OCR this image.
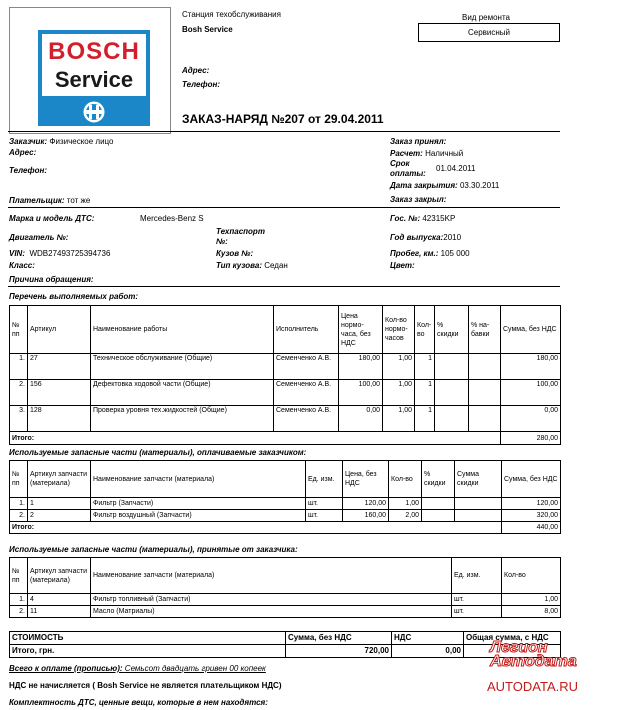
BOSCH
Service
Станция техобслуживания
Bosh Service
Адрес:
Телефон:
Вид ремонта
Сервисный
ЗАКАЗ-НАРЯД №207 от 29.04.2011
Заказчик: Физическое лицо
Адрес:
Телефон:
Заказ принял:
Расчет: Наличный
Срок
оплаты:
01.04.2011
Дата закрытия: 03.30.2011
Заказ закрыл:
Плательщик: тот же
Марка и модель ДТС:	Mercedes-Benz S	Гос. №: 42315KP
Техпаспорт
№:
Двигатель №:	Год выпуска:2010
VIN: WDB27493725394736	Кузов №:	Пробег, км.: 105 000
Класс:	Тип кузова: Седан	Цвет:
Причина обращения:
Перечень выполняемых работ:
№ пп	Артикул	Наименование работы	Исполнитель	Цена нормо-часа, без НДС	Кол-во нормо-часов	Кол-во	% скидки	% на-бавки	Сумма, без НДС
1.	27	Техническое обслуживание (Общие)	Семенченко А.В.	180,00	1,00	1			180,00
2.	156	Дефектовка ходовой части (Общие)	Семенченко А.В.	100,00	1,00	1			100,00
3.	128	Проверка уровня тех.жидкостей (Общие)	Семенченко А.В.	0,00	1,00	1			0,00
Итого:									280,00
Используемые запасные части (материалы), оплачиваемые заказчиком:
№ пп	Артикул запчасти (материала)	Наименование запчасти (материала)	Ед. изм.	Цена, без НДС	Кол-во	% скидки	Сумма скидки	Сумма, без НДС
1.	1	Фильтр (Запчасти)	шт.	120,00	1,00			120,00
2.	2	Фильтр воздушный (Запчасти)	шт.	160,00	2,00			320,00
Итого:								440,00
Используемые запасные части (материалы), принятые от заказчика:
№ пп	Артикул запчасти (материала)	Наименование запчасти (материала)	Ед. изм.	Кол-во
1.	4	Фильтр топливный (Запчасти)	шт.	1,00
2.	11	Масло (Матриалы)	шт.	8,00
СТОИМОСТЬ	Сумма, без НДС	НДС	Общая сумма, с НДС
Итого, грн.	720,00	0,00	
Всего к оплате (прописью): Семьсот двадцать гривен 00 копеек
НДС не начисляется ( Bosh Service не является плательщиком НДС)
Комплектность ДТС, ценные вещи, которые в нем находятся:
Легион
Автодата
AUTODATA.RU
